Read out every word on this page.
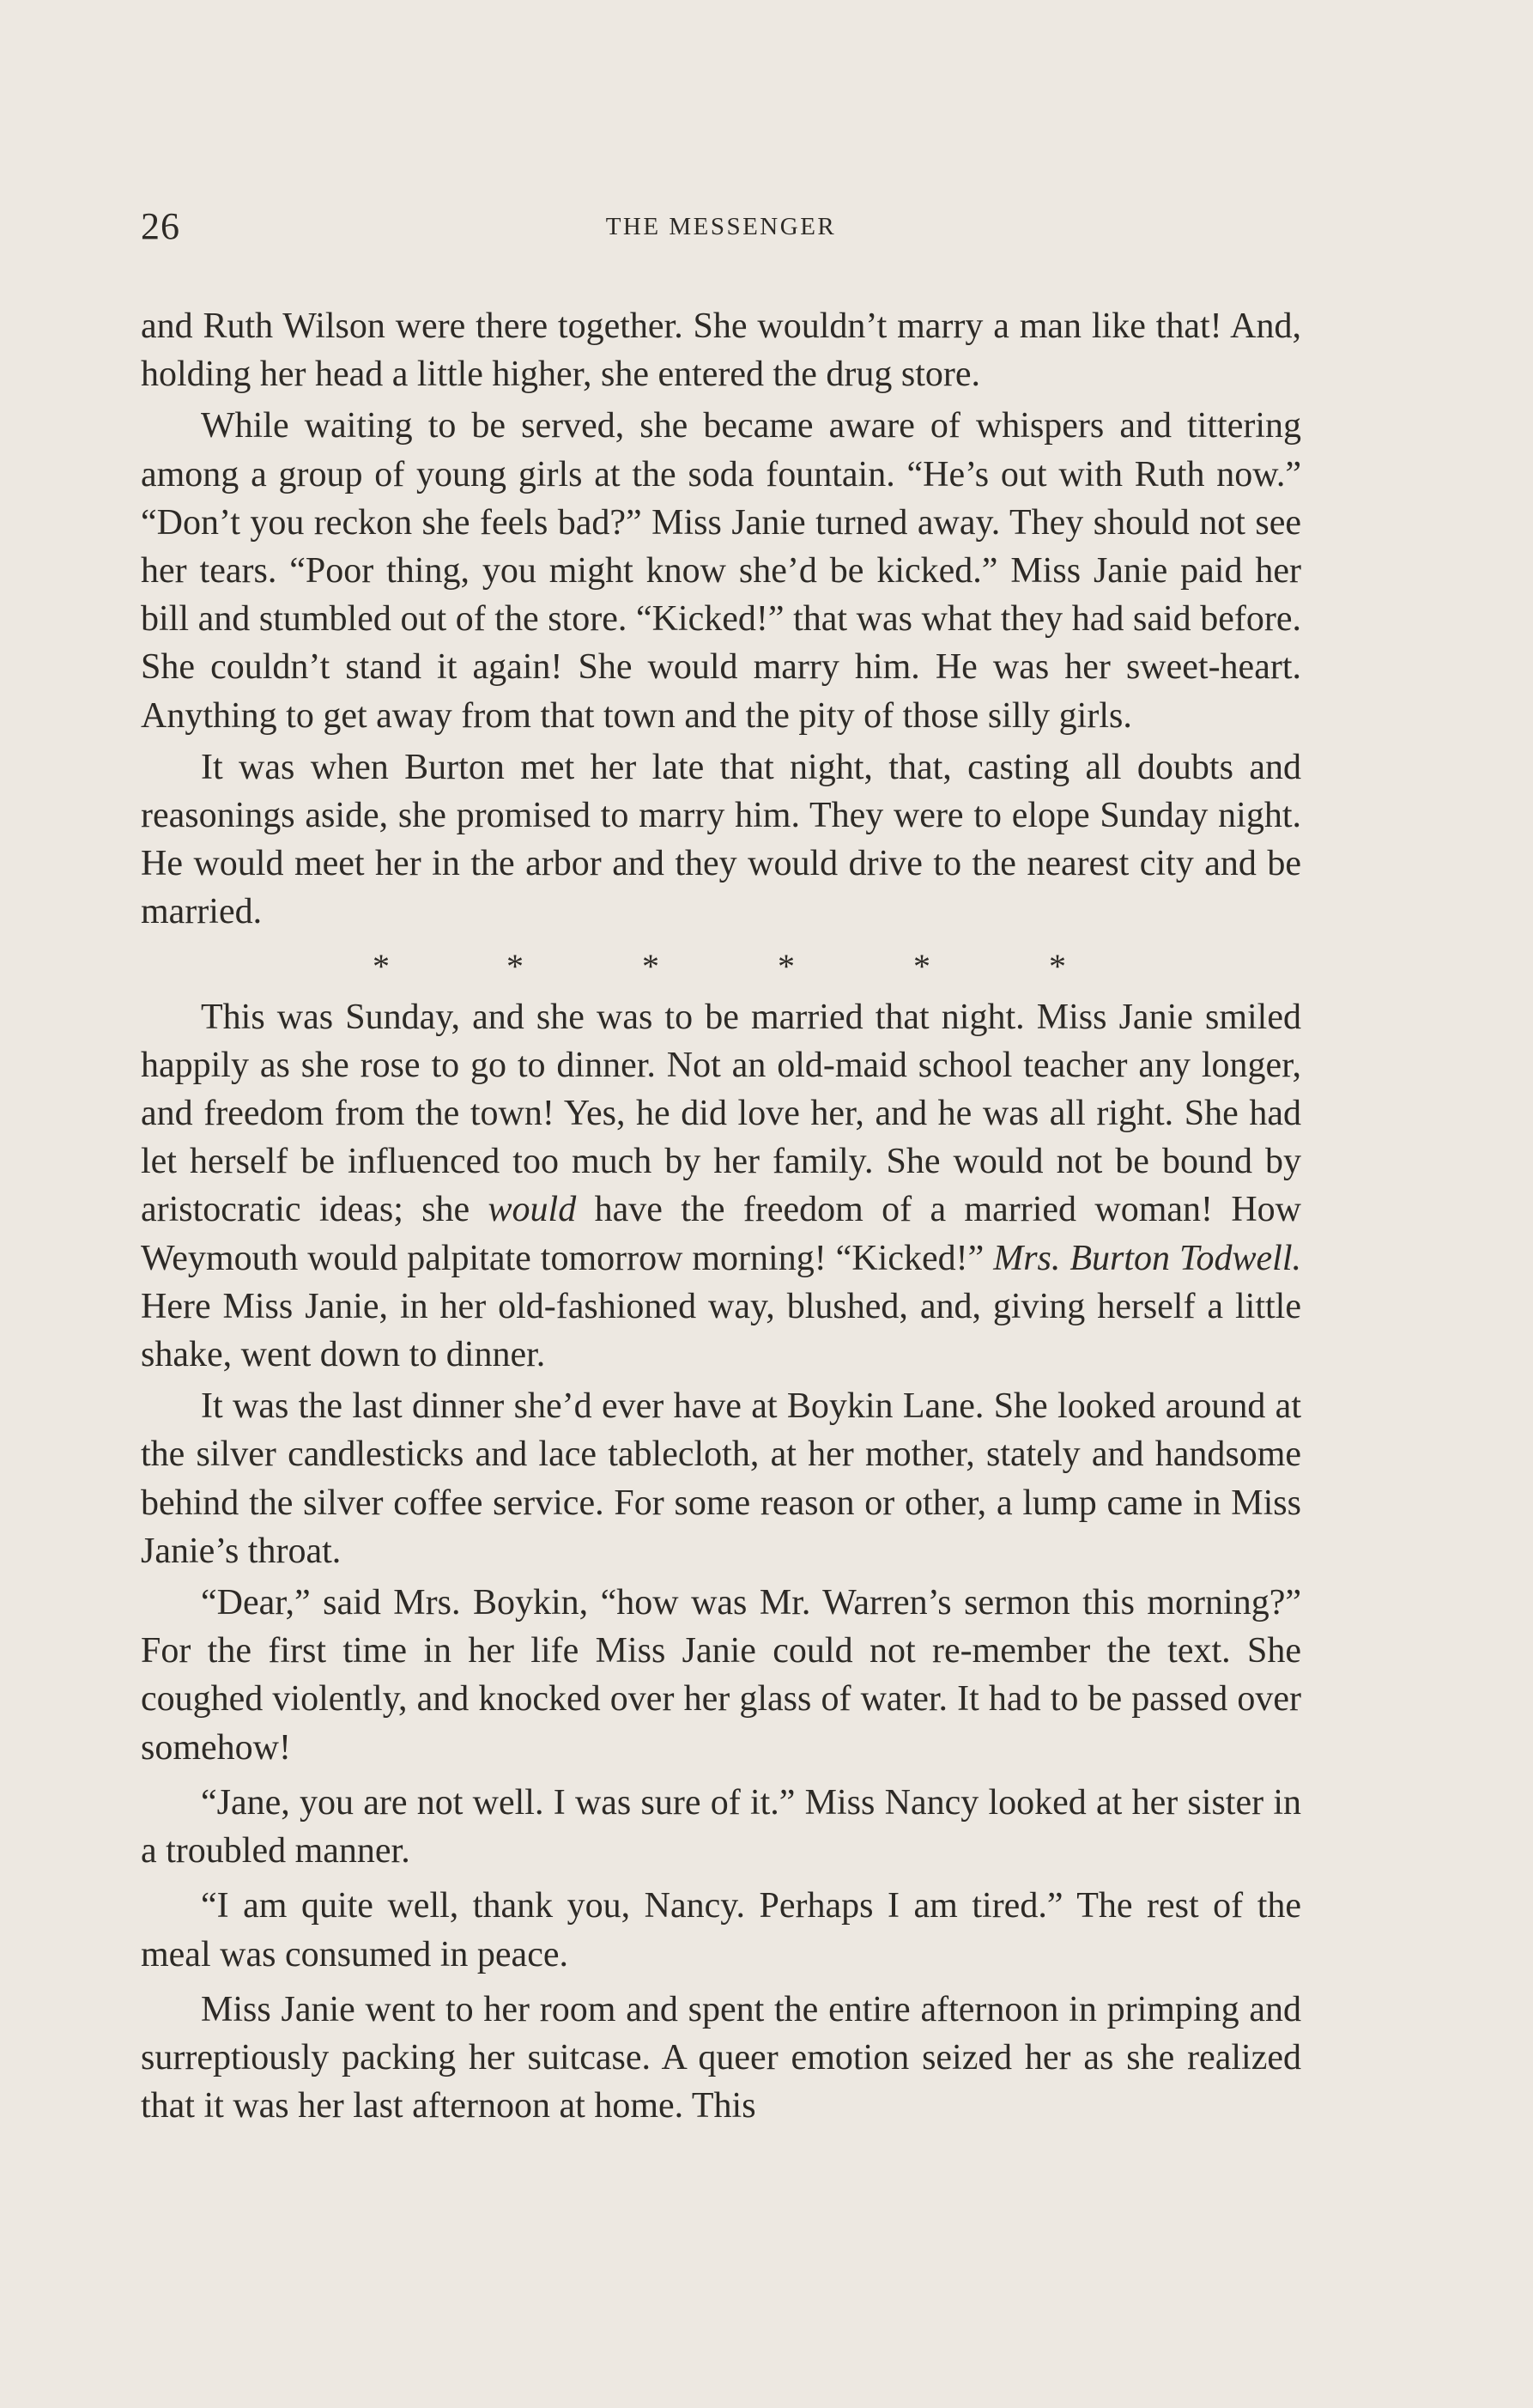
26	THE MESSENGER

and Ruth Wilson were there together. She wouldn’t marry a man like that! And, holding her head a little higher, she entered the drug store.

While waiting to be served, she became aware of whispers and tittering among a group of young girls at the soda fountain. “He’s out with Ruth now.” “Don’t you reckon she feels bad?” Miss Janie turned away. They should not see her tears. “Poor thing, you might know she’d be kicked.” Miss Janie paid her bill and stumbled out of the store. “Kicked!” that was what they had said before. She couldn’t stand it again! She would marry him. He was her sweet-heart. Anything to get away from that town and the pity of those silly girls.

It was when Burton met her late that night, that, casting all doubts and reasonings aside, she promised to marry him. They were to elope Sunday night. He would meet her in the arbor and they would drive to the nearest city and be married.

*	*	*	*	*	*

This was Sunday, and she was to be married that night. Miss Janie smiled happily as she rose to go to dinner. Not an old-maid school teacher any longer, and freedom from the town! Yes, he did love her, and he was all right. She had let herself be influenced too much by her family. She would not be bound by aristocratic ideas; she would have the freedom of a married woman! How Weymouth would palpitate tomorrow morning! “Kicked!” Mrs. Burton Todwell. Here Miss Janie, in her old-fashioned way, blushed, and, giving herself a little shake, went down to dinner.

It was the last dinner she’d ever have at Boykin Lane. She looked around at the silver candlesticks and lace tablecloth, at her mother, stately and handsome behind the silver coffee service. For some reason or other, a lump came in Miss Janie’s throat.

“Dear,” said Mrs. Boykin, “how was Mr. Warren’s sermon this morning?” For the first time in her life Miss Janie could not re-member the text. She coughed violently, and knocked over her glass of water. It had to be passed over somehow!

“Jane, you are not well. I was sure of it.” Miss Nancy looked at her sister in a troubled manner.

“I am quite well, thank you, Nancy. Perhaps I am tired.” The rest of the meal was consumed in peace.

Miss Janie went to her room and spent the entire afternoon in primping and surreptiously packing her suitcase. A queer emotion seized her as she realized that it was her last afternoon at home. This
